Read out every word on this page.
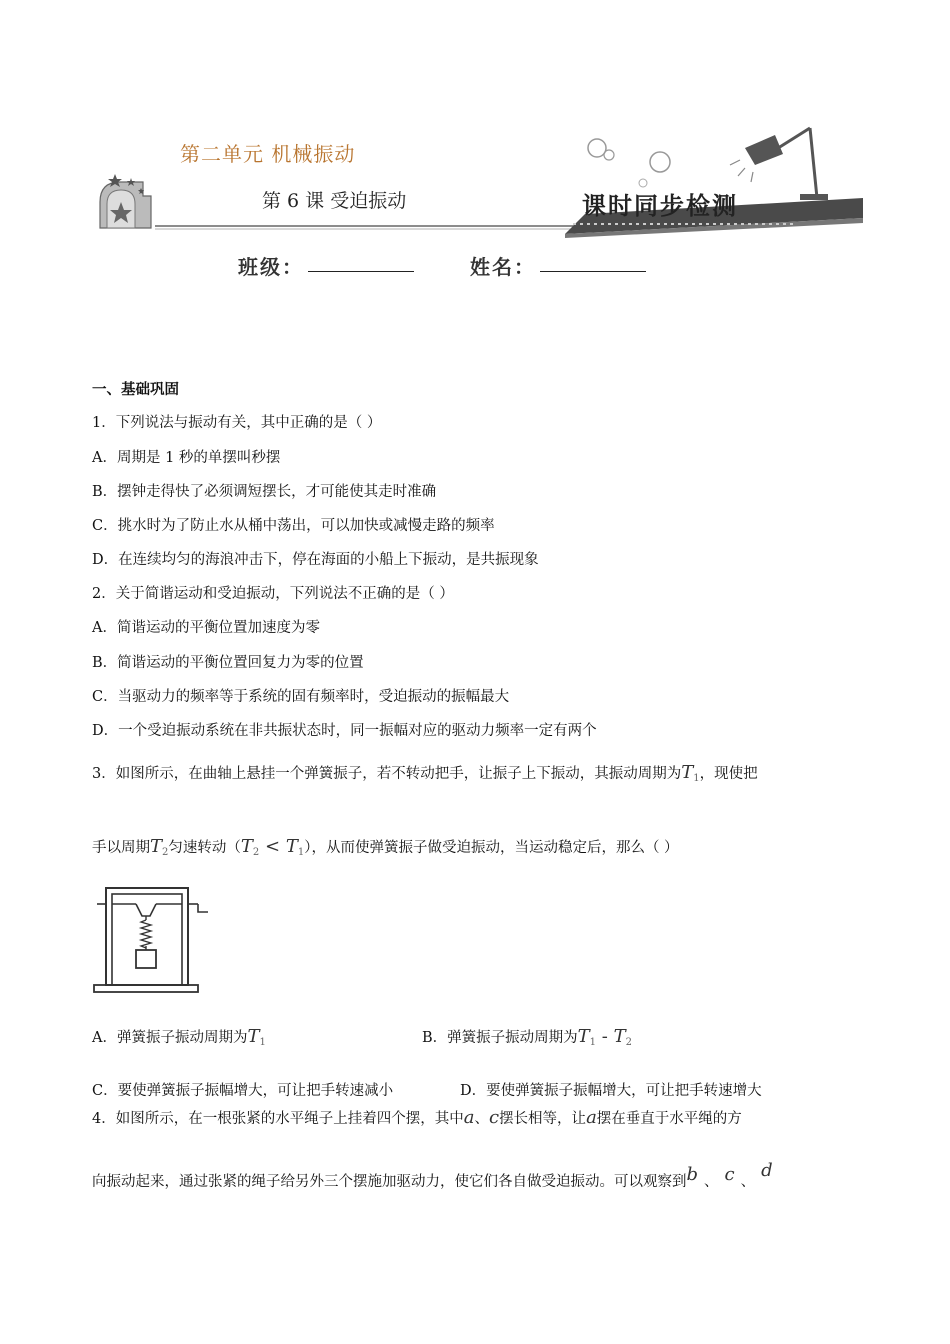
第二单元 机械振动
第 6 课 受迫振动	课时同步检测
班级：	姓名：
一、基础巩固
1．下列说法与振动有关，其中正确的是（ ）
A．周期是 1 秒的单摆叫秒摆
B．摆钟走得快了必须调短摆长，才可能使其走时准确
C．挑水时为了防止水从桶中荡出，可以加快或减慢走路的频率
D．在连续均匀的海浪冲击下，停在海面的小船上下振动，是共振现象
2．关于简谐运动和受迫振动，下列说法不正确的是（ ）
A．简谐运动的平衡位置加速度为零
B．简谐运动的平衡位置回复力为零的位置
C．当驱动力的频率等于系统的固有频率时，受迫振动的振幅最大
D．一个受迫振动系统在非共振状态时，同一振幅对应的驱动力频率一定有两个
3．如图所示，在曲轴上悬挂一个弹簧振子，若不转动把手，让振子上下振动，其振动周期为T1，现使把
手以周期T2匀速转动（T2 < T1），从而使弹簧振子做受迫振动，当运动稳定后，那么（ ）
A．弹簧振子振动周期为T1	B．弹簧振子振动周期为T1 - T2
C．要使弹簧振子振幅增大，可让把手转速减小	D．要使弹簧振子振幅增大，可让把手转速增大
4．如图所示，在一根张紧的水平绳子上挂着四个摆，其中a、c摆长相等，让a摆在垂直于水平绳的方
向振动起来，通过张紧的绳子给另外三个摆施加驱动力，使它们各自做受迫振动。可以观察到b 、 c 、d
